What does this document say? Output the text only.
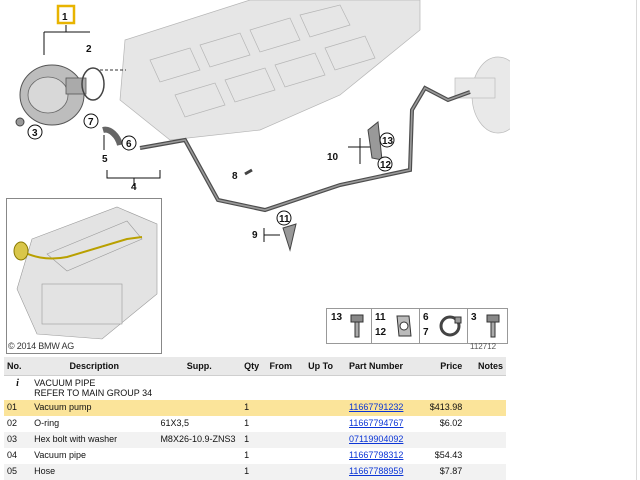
1
2
3
4
5
6
7
8
9
10
11
12
13
© 2014 BMW AG
13	11
12
6
7
3
112712
No.	Description	Supp.	Qty	From	Up To	Part Number	Price	Notes
i	VACUUM PIPE
REFER TO MAIN GROUP 34							

01	Vacuum pump		1			11667791232	$413.98	
02	O-ring	61X3,5	1			11667794767	$6.02	
03	Hex bolt with washer	M8X26-10.9-ZNS3	1			07119904092		
04	Vacuum pipe		1			11667798312	$54.43	
05	Hose		1			11667788959	$7.87	
